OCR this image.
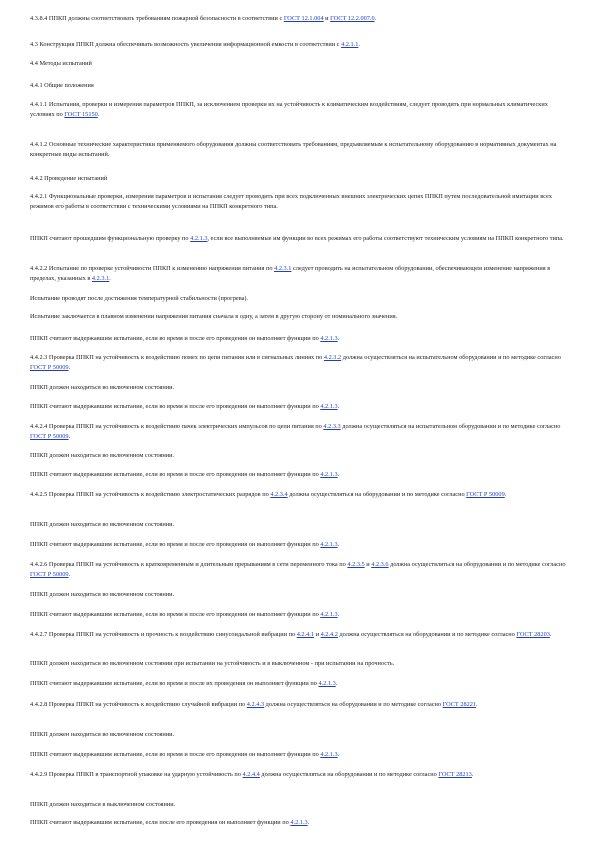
4.3.8.4 ППКП должны соответствовать требованиям пожарной безопасности в соответствии с ГОСТ 12.1.004 и ГОСТ 12.2.007.0.

4.3 Конструкция ППКП должна обеспечивать возможность увеличения информационной емкости в соответствии с 4.2.1.1.

4.4 Методы испытаний

4.4.1 Общие положения

4.4.1.1 Испытания, проверки и измерения параметров ППКП, за исключением проверки их на устойчивость к климатическим воздействиям, следует проводить при нормальных климатических условиях по ГОСТ 15150.

4.4.1.2 Основные технические характеристики применяемого оборудования должны соответствовать требованиям, предъявляемым к испытательному оборудованию в нормативных документах на конкретные виды испытаний.

4.4.2 Проведение испытаний

4.4.2.1 Функциональные проверки, измерения параметров и испытания следует проводить при всех подключенных внешних электрических цепях ППКП путем последовательной имитации всех режимов его работы в соответствии с техническими условиями на ППКП конкретного типа.

ППКП считают прошедшим функциональную проверку по 4.2.1.3, если все выполняемые им функции во всех режимах его работы соответствуют техническим условиям на ППКП конкретного типа.

4.4.2.2 Испытание по проверке устойчивости ППКП к изменению напряжения питания по 4.2.3.1 следует проводить на испытательном оборудовании, обеспечивающем изменение напряжения в пределах, указанных в 4.2.3.1.

Испытание проводят после достижения температурной стабильности (прогрева).

Испытание заключается в плавном изменении напряжения питания сначала в одну, а затем в другую сторону от номинального значения.

ППКП считают выдержавшим испытание, если во время и после его проведения он выполняет функции по 4.2.1.3.

4.4.2.3 Проверка ППКП на устойчивость к воздействию помех по цепи питания или в сигнальных линиях по 4.2.3.2 должна осуществляться на испытательном оборудовании и по методике согласно ГОСТ Р 50009.

ППКП должен находиться во включенном состоянии.

ППКП считают выдержавшим испытание, если во время и после его проведения он выполняет функции по 4.2.1.3.

4.4.2.4 Проверка ППКП на устойчивость к воздействию пачек электрических импульсов по цепи питания по 4.2.3.3 должна осуществляться на испытательном оборудовании и по методике согласно ГОСТ Р 50009.

ППКП должен находиться во включенном состоянии.

ППКП считают выдержавшим испытание, если во время и после его проведения он выполняет функции по 4.2.1.3.

4.4.2.5 Проверка ППКП на устойчивость к воздействию электростатических разрядов по 4.2.3.4 должна осуществляться на оборудовании и по методике согласно ГОСТ Р 50009.

ППКП должен находиться во включенном состоянии.

ППКП считают выдержавшим испытание, если во время и после его проведения он выполняет функции по 4.2.1.3.

4.4.2.6 Проверка ППКП на устойчивость к кратковременным и длительным прерываниям в сети переменного тока по 4.2.3.5 и 4.2.3.6 должна осуществляться на оборудовании и по методике согласно ГОСТ Р 50009.

ППКП должен находиться во включенном состоянии.

ППКП считают выдержавшим испытание, если во время и после его проведения он выполняет функции по 4.2.1.3.

4.4.2.7 Проверка ППКП на устойчивость и прочность к воздействию синусоидальной вибрации по 4.2.4.1 и 4.2.4.2 должна осуществляться на оборудовании и по методике согласно ГОСТ 28203.

ППКП должен находиться во включенном состоянии при испытании на устойчивость и в выключенном - при испытании на прочность.

ППКП считают выдержавшим испытание, если во время и после их проведения он выполняет функции по 4.2.1.3.

4.4.2.8 Проверка ППКП на устойчивость к воздействию случайной вибрации по 4.2.4.3 должна осуществляться на оборудовании и по методике согласно ГОСТ 28221.

ППКП должен находиться во включенном состоянии.

ППКП считают выдержавшим испытание, если во время и после его проведения он выполняет функции по 4.2.1.3.

4.4.2.9 Проверка ППКП в транспортной упаковке на ударную устойчивость по 4.2.4.4 должна осуществляться на оборудовании и по методике согласно ГОСТ 28213.

ППКП должен находиться в выключенном состоянии.

ППКП считают выдержавшим испытание, если после его проведения он выполняет функции по 4.2.1.3.
